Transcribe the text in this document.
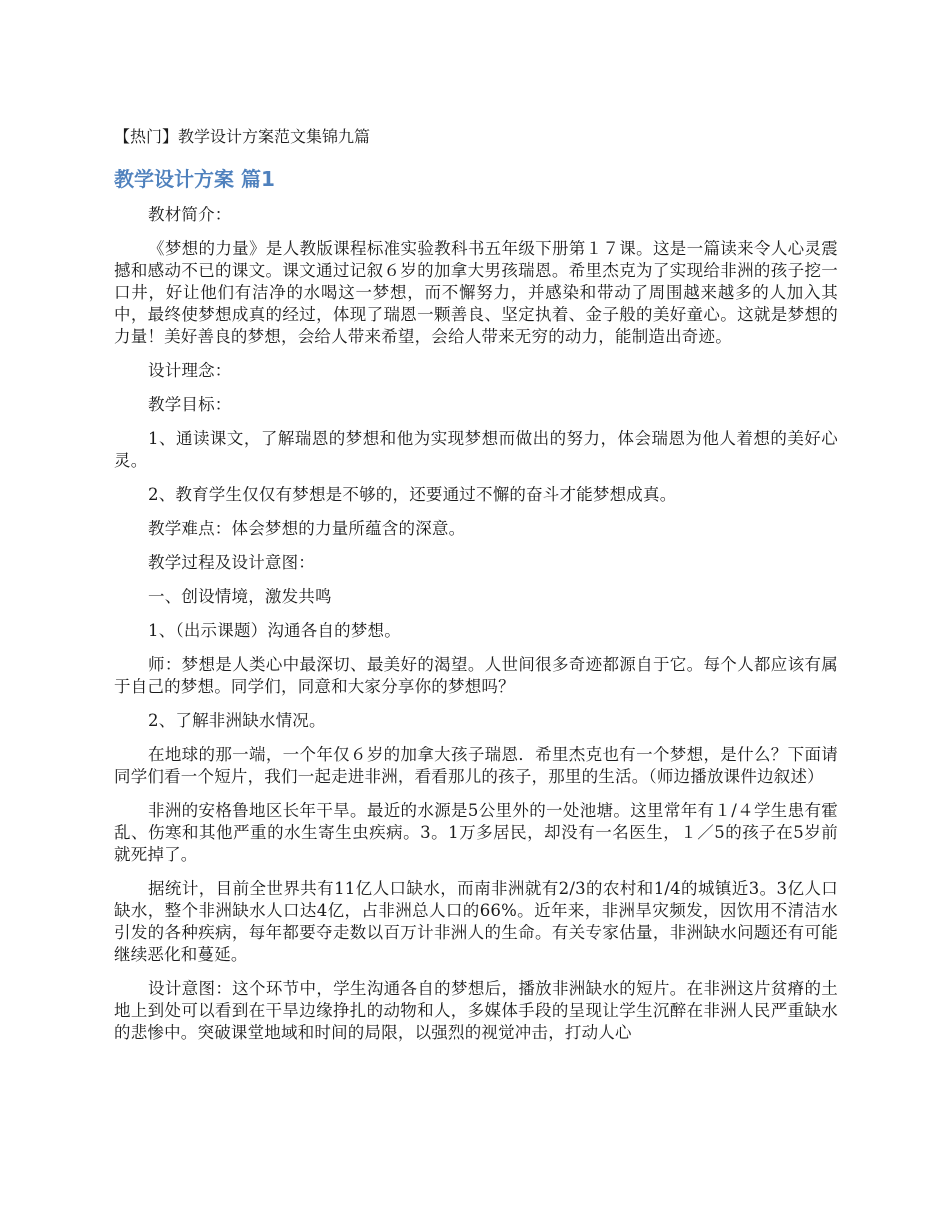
【热门】教学设计方案范文集锦九篇
教学设计方案 篇1

教材简介：

《梦想的力量》是人教版课程标准实验教科书五年级下册第１７课。这是一篇读来令人心灵震撼和感动不已的课文。课文通过记叙６岁的加拿大男孩瑞恩。希里杰克为了实现给非洲的孩子挖一口井，好让他们有洁净的水喝这一梦想，而不懈努力，并感染和带动了周围越来越多的人加入其中，最终使梦想成真的经过，体现了瑞恩一颗善良、坚定执着、金子般的美好童心。这就是梦想的力量！美好善良的梦想，会给人带来希望，会给人带来无穷的动力，能制造出奇迹。

设计理念：

教学目标：

1、通读课文，了解瑞恩的梦想和他为实现梦想而做出的努力，体会瑞恩为他人着想的美好心灵。

2、教育学生仅仅有梦想是不够的，还要通过不懈的奋斗才能梦想成真。

教学难点：体会梦想的力量所蕴含的深意。

教学过程及设计意图：

一、创设情境，激发共鸣

1、（出示课题）沟通各自的梦想。

师：梦想是人类心中最深切、最美好的渴望。人世间很多奇迹都源自于它。每个人都应该有属于自己的梦想。同学们，同意和大家分享你的梦想吗？

2、了解非洲缺水情况。

在地球的那一端，一个年仅６岁的加拿大孩子瑞恩．希里杰克也有一个梦想，是什么？下面请同学们看一个短片，我们一起走进非洲，看看那儿的孩子，那里的生活。（师边播放课件边叙述）

非洲的安格鲁地区长年干旱。最近的水源是5公里外的一处池塘。这里常年有１/４学生患有霍乱、伤寒和其他严重的水生寄生虫疾病。3。1万多居民，却没有一名医生，１／5的孩子在5岁前就死掉了。

据统计，目前全世界共有11亿人口缺水，而南非洲就有2/3的农村和1/4的城镇近3。3亿人口缺水，整个非洲缺水人口达4亿，占非洲总人口的66%。近年来，非洲旱灾频发，因饮用不清洁水引发的各种疾病，每年都要夺走数以百万计非洲人的生命。有关专家估量，非洲缺水问题还有可能继续恶化和蔓延。

设计意图：这个环节中，学生沟通各自的梦想后，播放非洲缺水的短片。在非洲这片贫瘠的土地上到处可以看到在干旱边缘挣扎的动物和人，多媒体手段的呈现让学生沉醉在非洲人民严重缺水的悲惨中。突破课堂地域和时间的局限，以强烈的视觉冲击，打动人心
